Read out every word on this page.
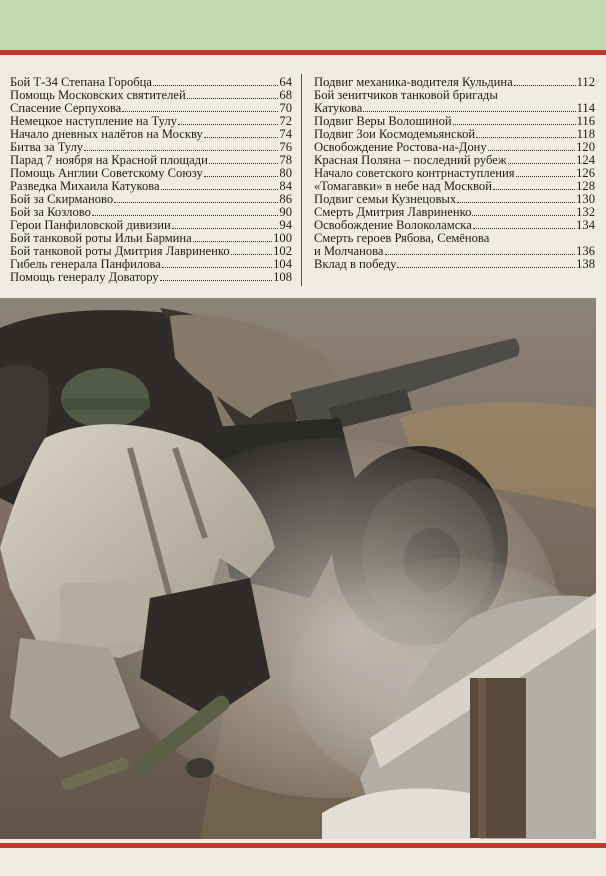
Бой Т-34 Степана Горобца	64
Помощь Московских святителей	68
Спасение Серпухова	70
Немецкое наступление на Тулу	72
Начало дневных налётов на Москву	74
Битва за Тулу	76
Парад 7 ноября на Красной площади	78
Помощь Англии Советскому Союзу	80
Разведка Михаила Катукова	84
Бой за Скирманово	86
Бой за Козлово	90
Герои Панфиловской дивизии	94
Бой танковой роты Ильи Бармина	100
Бой танковой роты Дмитрия Лавриненко	102
Гибель генерала Панфилова	104
Помощь генералу Доватору	108
Подвиг механика-водителя Кульдина	112
Бой зенитчиков танковой бригады
Катукова	114
Подвиг Веры Волошиной	116
Подвиг Зои Космодемьянской	118
Освобождение Ростова-на-Дону	120
Красная Поляна – последний рубеж	124
Начало советского контрнаступления	126
«Томагавки» в небе над Москвой	128
Подвиг семьи Кузнецовых	130
Смерть Дмитрия Лавриненко	132
Освобождение Волоколамска	134
Смерть героев Рябова, Семёнова
и Молчанова	136
Вклад в победу	138
